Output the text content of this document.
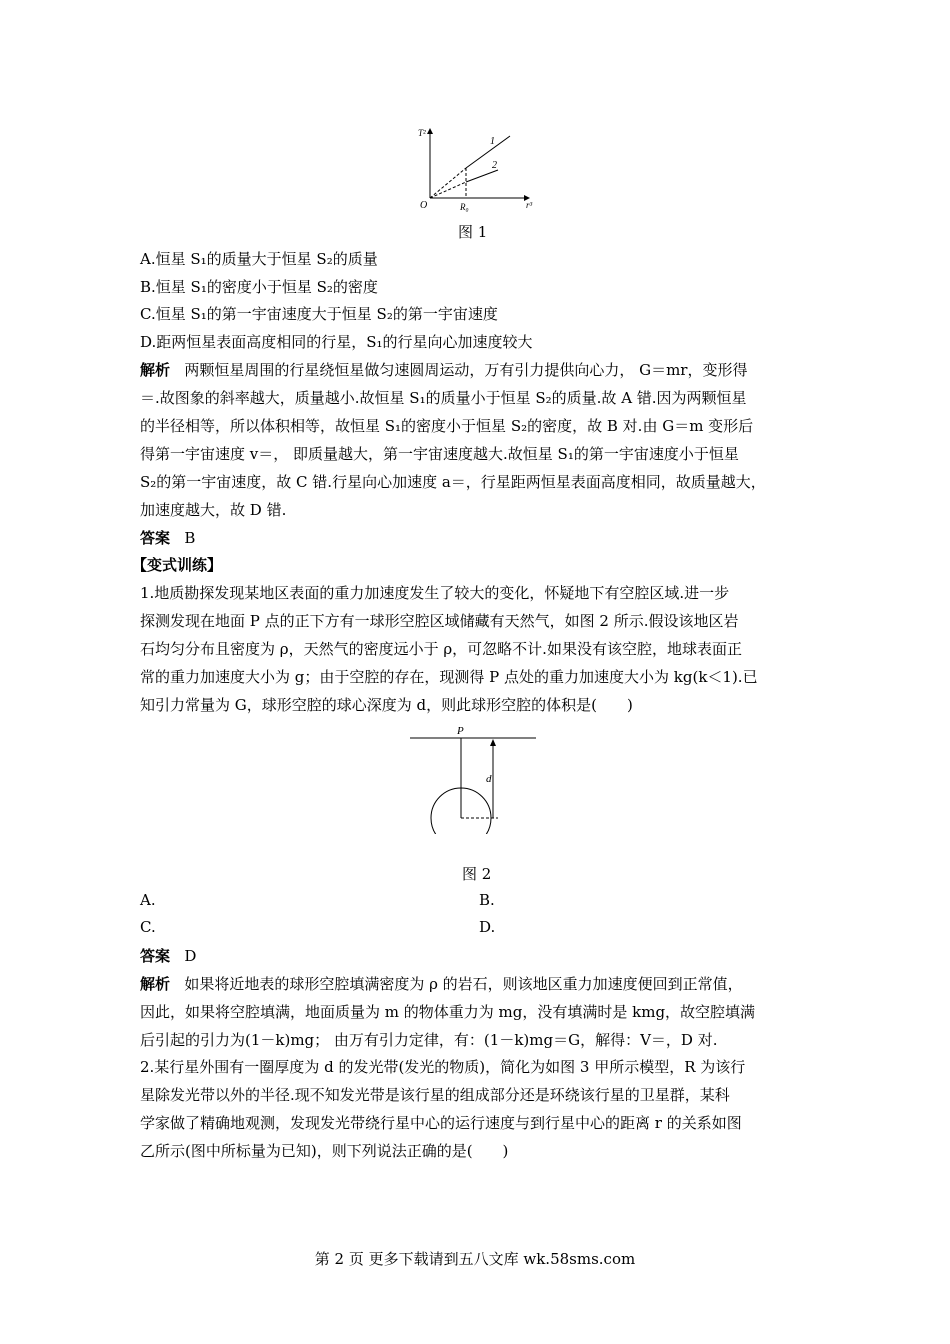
T²
r³
O	R₀
1
2
图 1
A.恒星 S₁的质量大于恒星 S₂的质量
B.恒星 S₁的密度小于恒星 S₂的密度
C.恒星 S₁的第一宇宙速度大于恒星 S₂的第一宇宙速度
D.距两恒星表面高度相同的行星，S₁的行星向心加速度较大
解析 两颗恒星周围的行星绕恒星做匀速圆周运动，万有引力提供向心力， G＝mr，变形得
＝.故图象的斜率越大，质量越小.故恒星 S₁的质量小于恒星 S₂的质量.故 A 错.因为两颗恒星
的半径相等，所以体积相等，故恒星 S₁的密度小于恒星 S₂的密度，故 B 对.由 G＝m 变形后
得第一宇宙速度 v＝， 即质量越大，第一宇宙速度越大.故恒星 S₁的第一宇宙速度小于恒星
S₂的第一宇宙速度，故 C 错.行星向心加速度 a＝，行星距两恒星表面高度相同，故质量越大，
加速度越大，故 D 错.
答案 B
【变式训练】
1.地质勘探发现某地区表面的重力加速度发生了较大的变化，怀疑地下有空腔区域.进一步
探测发现在地面 P 点的正下方有一球形空腔区域储藏有天然气，如图 2 所示.假设该地区岩
石均匀分布且密度为 ρ，天然气的密度远小于 ρ，可忽略不计.如果没有该空腔，地球表面正
常的重力加速度大小为 g；由于空腔的存在，现测得 P 点处的重力加速度大小为 kg(k＜1).已
知引力常量为 G，球形空腔的球心深度为 d，则此球形空腔的体积是(　　)
P
d
图 2
A.	B.
C.	D.
答案 D
解析 如果将近地表的球形空腔填满密度为 ρ 的岩石，则该地区重力加速度便回到正常值，
因此，如果将空腔填满，地面质量为 m 的物体重力为 mg，没有填满时是 kmg，故空腔填满
后引起的引力为(1－k)mg； 由万有引力定律，有：(1－k)mg＝G，解得：V＝，D 对.
2.某行星外围有一圈厚度为 d 的发光带(发光的物质)，简化为如图 3 甲所示模型，R 为该行
星除发光带以外的半径.现不知发光带是该行星的组成部分还是环绕该行星的卫星群，某科
学家做了精确地观测，发现发光带绕行星中心的运行速度与到行星中心的距离 r 的关系如图
乙所示(图中所标量为已知)，则下列说法正确的是(　　)
第 2 页 更多下载请到五八文库 wk.58sms.com
